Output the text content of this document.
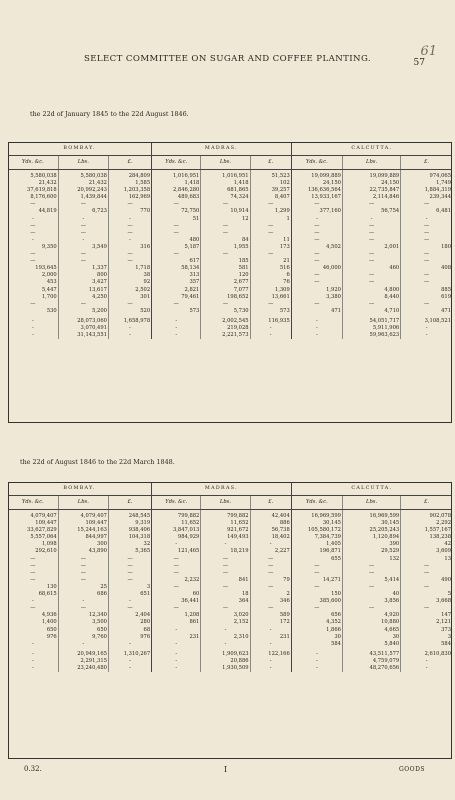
SELECT COMMITTEE ON SUGAR AND COFFEE PLANTING.	57
61
the 22d of January 1845 to the 22d August 1846.
BOMBAY.			MADRAS.			CALCUTTA.		
Yds. &c.	Lbs.	£.	Yds. &c.	Lbs.	£.	Yds. &c.	Lbs.	£.
5,580,038	5,580,038	284,809	1,016,951	1,016,951	51,523	19,099,889	19,099,889	974,065
21,432	21,432	1,585	1,418	1,418	102	24,150	24,150	1,749
37,619,818	20,992,243	1,203,358	2,846,280	681,865	39,257	136,636,564	22,735,847	1,884,319
8,176,600	1,439,844	162,969	489,683	74,324	8,407	13,933,167	2,114,846	239,344
—	—	—	—	—	—	—	—	—
44,819	6,723	770	72,750	10,914	1,299	377,160	56,754	6,481
-	-	-	51	12	1	-	-	-
—	—	—	—	—	—	—	—	—
—	—	—	—	—	—	—	—	—
-	-	-	480	84	11	—	—	—
9,350	3,549	316	5,187	1,955	173	4,502	2,001	180
—	—	—	—	—	—	—	—	—
—	—	—	617	185	21	—	—	—
193,645	1,337	1,718	58,134	581	516	46,000	460	408
2,000	800	38	313	120	6	—	—	—
453	3,427	92	357	2,677	76	—	—	—
5,447	13,617	2,502	2,821	7,077	1,309	1,920	4,800	885
1,700	4,250	301	79,461	198,652	13,661	3,380	8,440	619
—	—	—	—	—	—	—	—	—
530	5,200	520	573	5,730	573	471	4,710	471
-	28,073,060	1,658,978	-	2,002,545	116,935	-	54,051,717	3,108,521
-	3,070,491	-	-	219,028	-	-	5,911,906	-
-	31,143,551	-	-	2,221,573	-	-	59,963,623	-
the 22d of August 1846 to the 22d March 1848.
BOMBAY.			MADRAS.			CALCUTTA.		
Yds. &c.	Lbs.	£.	Yds. &c.	Lbs.	£.	Yds. &c.	Lbs.	£.
4,079,407	4,079,407	248,545	799,882	799,882	42,404	16,969,599	16,969,599	902,078
109,447	109,447	9,319	11,652	11,652	886	30,145	30,145	2,292
33,627,829	15,244,163	938,406	3,847,013	921,672	56,738	105,580,172	25,205,243	1,557,167
5,557,064	844,997	104,318	984,929	149,493	18,402	7,384,739	1,120,894	138,238
1,098	300	32	-	-	-	1,405	390	42
292,610	43,890	5,365	121,465	18,219	2,227	196,871	29,529	3,609
—	—	—	—	—	—	655	132	13
—	—	—	—	—	—	—	—	—
—	—	—	—	—	—	—	—	—
—	—	—	2,232	841	79	14,271	5,414	490
130	25	3	—	—	—	—	—	—
68,615	686	651	60	18	2	150	40	5
-	-	-	36,441	364	346	385,600	3,856	3,668
—	—	—	—	—	—	—	—	—
4,936	12,340	2,404	1,208	3,020	589	656	4,920	147
1,400	3,500	280	861	2,152	172	4,352	10,880	2,121
650	650	68	-	-	-	1,866	4,665	373
976	9,760	976	231	2,310	231	30	30	3
-	-	-	-	-	-	584	5,840	584
-	20,949,165	1,310,267	-	1,909,623	122,166	-	43,511,577	2,610,830
-	2,291,315	-	-	20,886	-	-	4,759,079	-
-	23,240,480	-	-	1,930,509	-	-	48,270,656	-
0.32.	I	GOODS
